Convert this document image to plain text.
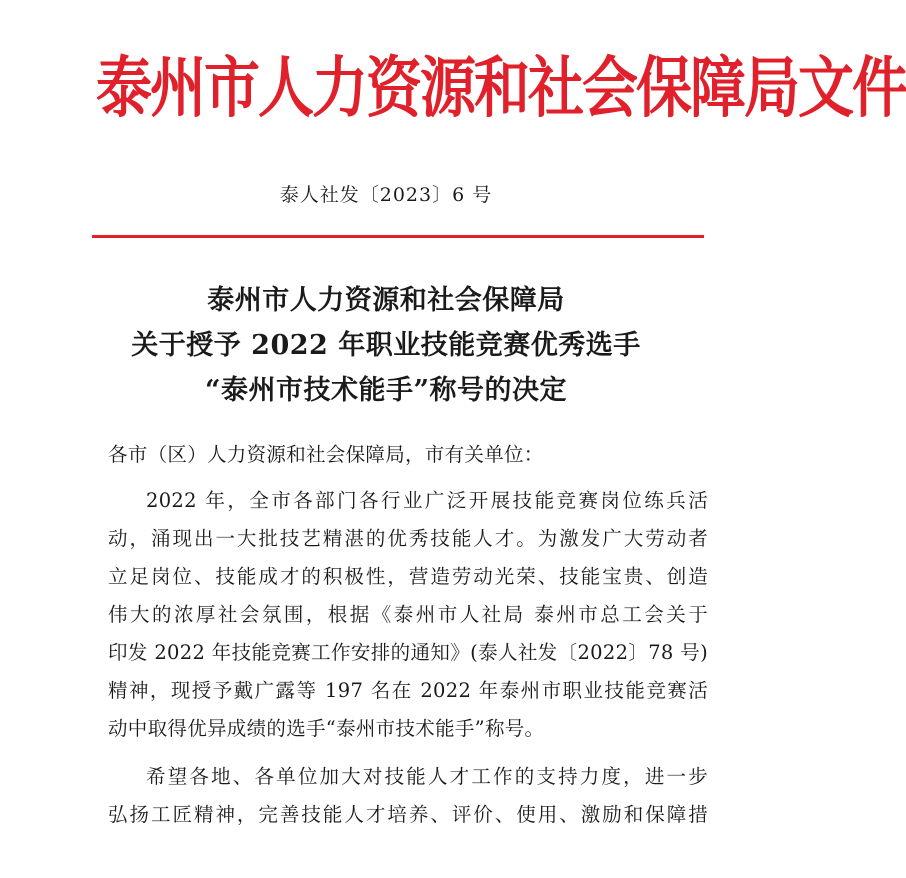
泰州市人力资源和社会保障局文件
泰人社发〔2023〕6 号
泰州市人力资源和社会保障局
关于授予 2022 年职业技能竞赛优秀选手
“泰州市技术能手”称号的决定
各市（区）人力资源和社会保障局，市有关单位：
2022 年，全市各部门各行业广泛开展技能竞赛岗位练兵活
动，涌现出一大批技艺精湛的优秀技能人才。为激发广大劳动者
立足岗位、技能成才的积极性，营造劳动光荣、技能宝贵、创造
伟大的浓厚社会氛围，根据《泰州市人社局 泰州市总工会关于
印发 2022 年技能竞赛工作安排的通知》(泰人社发〔2022〕78 号)
精神，现授予戴广露等 197 名在 2022 年泰州市职业技能竞赛活
动中取得优异成绩的选手“泰州市技术能手”称号。
希望各地、各单位加大对技能人才工作的支持力度，进一步
弘扬工匠精神，完善技能人才培养、评价、使用、激励和保障措
